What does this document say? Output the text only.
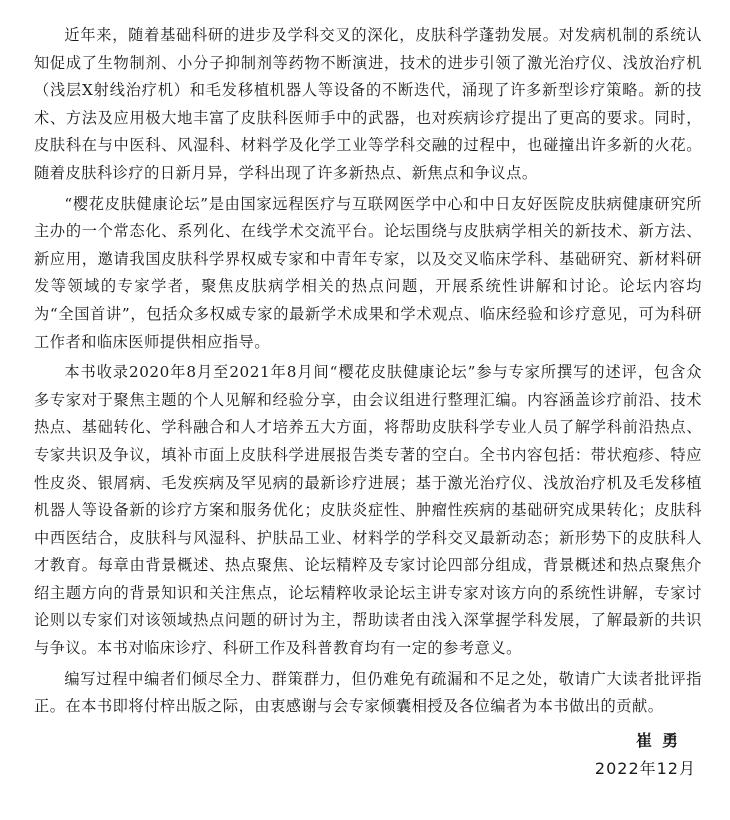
近年来，随着基础科研的进步及学科交叉的深化，皮肤科学蓬勃发展。对发病机制的系统认知促成了生物制剂、小分子抑制剂等药物不断演进，技术的进步引领了激光治疗仪、浅放治疗机（浅层X射线治疗机）和毛发移植机器人等设备的不断迭代，涌现了许多新型诊疗策略。新的技术、方法及应用极大地丰富了皮肤科医师手中的武器，也对疾病诊疗提出了更高的要求。同时，皮肤科在与中医科、风湿科、材料学及化学工业等学科交融的过程中，也碰撞出许多新的火花。随着皮肤科诊疗的日新月异，学科出现了许多新热点、新焦点和争议点。

“樱花皮肤健康论坛”是由国家远程医疗与互联网医学中心和中日友好医院皮肤病健康研究所主办的一个常态化、系列化、在线学术交流平台。论坛围绕与皮肤病学相关的新技术、新方法、新应用，邀请我国皮肤科学界权威专家和中青年专家，以及交叉临床学科、基础研究、新材料研发等领域的专家学者，聚焦皮肤病学相关的热点问题，开展系统性讲解和讨论。论坛内容均为“全国首讲”，包括众多权威专家的最新学术成果和学术观点、临床经验和诊疗意见，可为科研工作者和临床医师提供相应指导。

本书收录2020年8月至2021年8月间“樱花皮肤健康论坛”参与专家所撰写的述评，包含众多专家对于聚焦主题的个人见解和经验分享，由会议组进行整理汇编。内容涵盖诊疗前沿、技术热点、基础转化、学科融合和人才培养五大方面，将帮助皮肤科学专业人员了解学科前沿热点、专家共识及争议，填补市面上皮肤科学进展报告类专著的空白。全书内容包括：带状疱疹、特应性皮炎、银屑病、毛发疾病及罕见病的最新诊疗进展；基于激光治疗仪、浅放治疗机及毛发移植机器人等设备新的诊疗方案和服务优化；皮肤炎症性、肿瘤性疾病的基础研究成果转化；皮肤科中西医结合，皮肤科与风湿科、护肤品工业、材料学的学科交叉最新动态；新形势下的皮肤科人才教育。每章由背景概述、热点聚焦、论坛精粹及专家讨论四部分组成，背景概述和热点聚焦介绍主题方向的背景知识和关注焦点，论坛精粹收录论坛主讲专家对该方向的系统性讲解，专家讨论则以专家们对该领域热点问题的研讨为主，帮助读者由浅入深掌握学科发展，了解最新的共识与争议。本书对临床诊疗、科研工作及科普教育均有一定的参考意义。

编写过程中编者们倾尽全力、群策群力，但仍难免有疏漏和不足之处，敬请广大读者批评指正。在本书即将付梓出版之际，由衷感谢与会专家倾囊相授及各位编者为本书做出的贡献。

崔勇
2022年12月
